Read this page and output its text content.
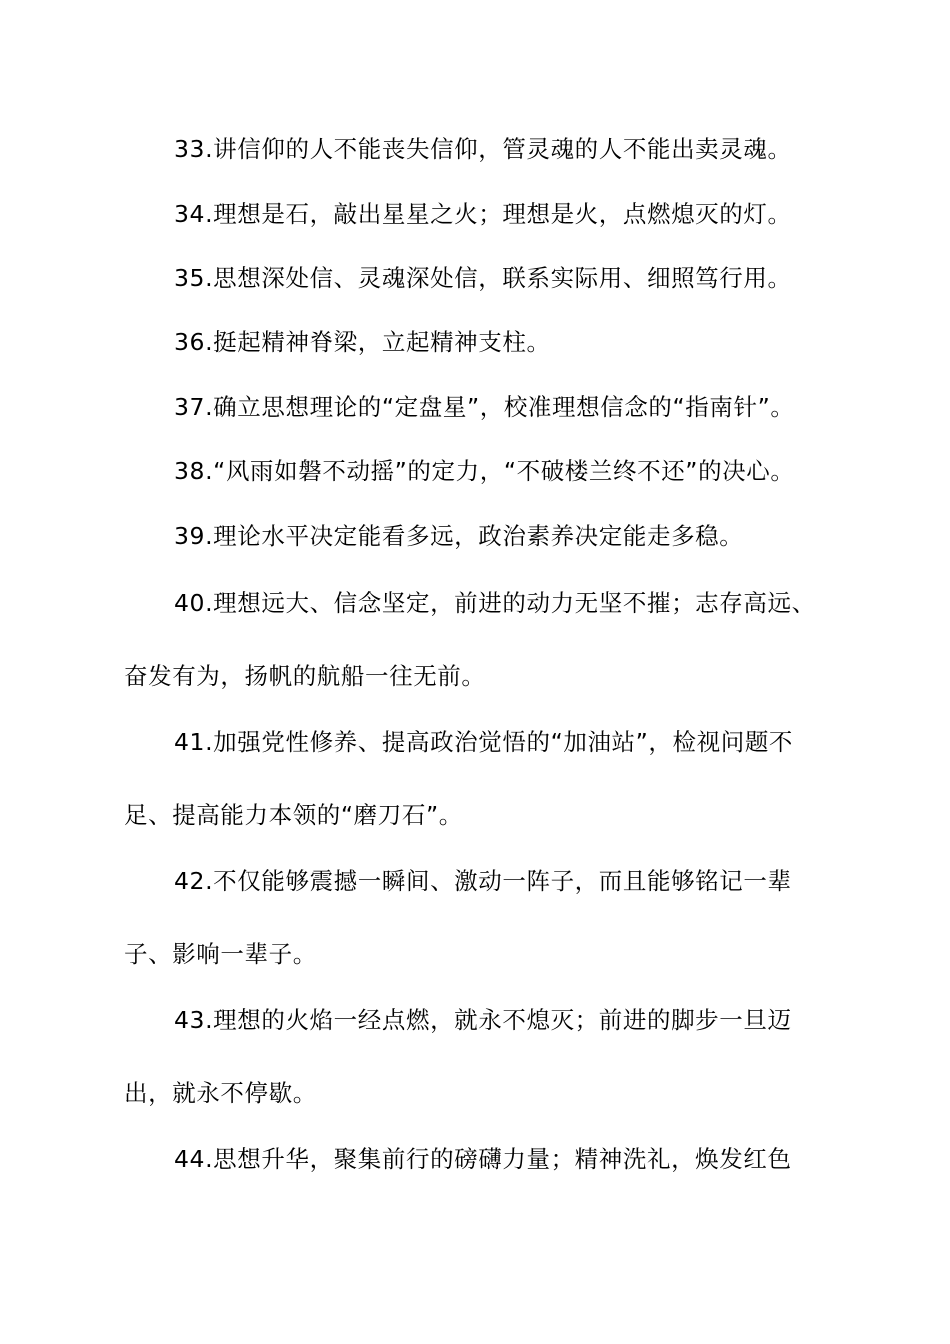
33.讲信仰的人不能丧失信仰，管灵魂的人不能出卖灵魂。
34.理想是石，敲出星星之火；理想是火，点燃熄灭的灯。
35.思想深处信、灵魂深处信，联系实际用、细照笃行用。
36.挺起精神脊梁，立起精神支柱。
37.确立思想理论的“定盘星”，校准理想信念的“指南针”。
38.“风雨如磐不动摇”的定力，“不破楼兰终不还”的决心。
39.理论水平决定能看多远，政治素养决定能走多稳。
40.理想远大、信念坚定，前进的动力无坚不摧；志存高远、
奋发有为，扬帆的航船一往无前。
41.加强党性修养、提高政治觉悟的“加油站”，检视问题不
足、提高能力本领的“磨刀石”。
42.不仅能够震撼一瞬间、激动一阵子，而且能够铭记一辈
子、影响一辈子。
43.理想的火焰一经点燃，就永不熄灭；前进的脚步一旦迈
出，就永不停歇。
44.思想升华，聚集前行的磅礴力量；精神洗礼，焕发红色
